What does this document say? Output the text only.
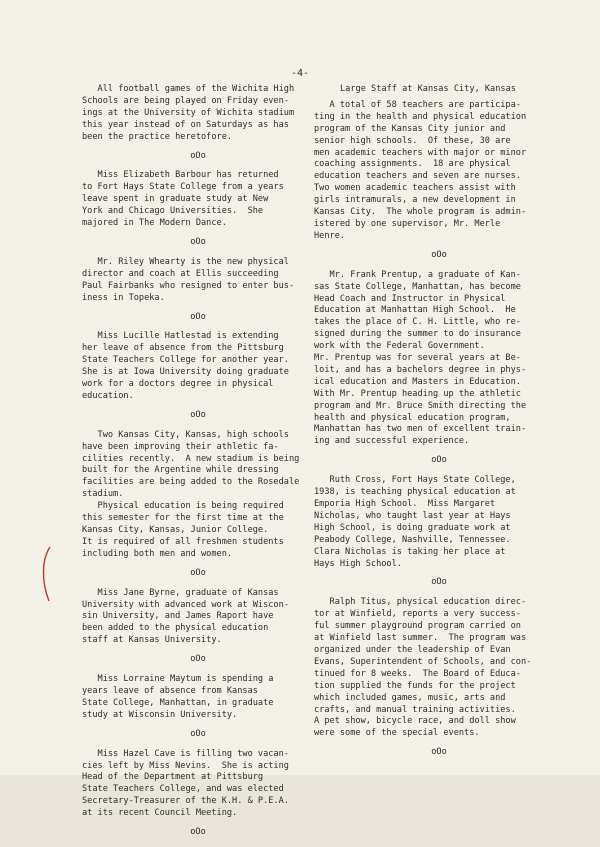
-4-
All football games of the Wichita High
Schools are being played on Friday even-
ings at the University of Wichita stadium
this year instead of on Saturdays as has
been the practice heretofore.
oOo
Miss Elizabeth Barbour has returned
to Fort Hays State College from a years
leave spent in graduate study at New
York and Chicago Universities.  She
majored in The Modern Dance.
oOo
Mr. Riley Whearty is the new physical
director and coach at Ellis succeeding
Paul Fairbanks who resigned to enter bus-
iness in Topeka.
oOo
Miss Lucille Hatlestad is extending
her leave of absence from the Pittsburg
State Teachers College for another year.
She is at Iowa University doing graduate
work for a doctors degree in physical
education.
oOo
Two Kansas City, Kansas, high schools
have been improving their athletic fa-
cilities recently.  A new stadium is being
built for the Argentine while dressing
facilities are being added to the Rosedale
stadium.
Physical education is being required
this semester for the first time at the
Kansas City, Kansas, Junior College.
It is required of all freshmen students
including both men and women.
oOo
Miss Jane Byrne, graduate of Kansas
University with advanced work at Wiscon-
sin University, and James Raport have
been added to the physical education
staff at Kansas University.
oOo
Miss Lorraine Maytum is spending a
years leave of absence from Kansas
State College, Manhattan, in graduate
study at Wisconsin University.
oOo
Miss Hazel Cave is filling two vacan-
cies left by Miss Nevins.  She is acting
Head of the Department at Pittsburg
State Teachers College, and was elected
Secretary-Treasurer of the K.H. & P.E.A.
at its recent Council Meeting.
oOo
Large Staff at Kansas City, Kansas
A total of 58 teachers are participa-
ting in the health and physical education
program of the Kansas City junior and
senior high schools.  Of these, 30 are
men academic teachers with major or minor
coaching assignments.  18 are physical
education teachers and seven are nurses.
Two women academic teachers assist with
girls intramurals, a new development in
Kansas City.  The whole program is admin-
istered by one supervisor, Mr. Merle
Henre.
oOo
Mr. Frank Prentup, a graduate of Kan-
sas State College, Manhattan, has become
Head Coach and Instructor in Physical
Education at Manhattan High School.  He
takes the place of C. H. Little, who re-
signed during the summer to do insurance
work with the Federal Government.
Mr. Prentup was for several years at Be-
loit, and has a bachelors degree in phys-
ical education and Masters in Education.
With Mr. Prentup heading up the athletic
program and Mr. Bruce Smith directing the
health and physical education program,
Manhattan has two men of excellent train-
ing and successful experience.
oOo
Ruth Cross, Fort Hays State College,
1938, is teaching physical education at
Emporia High School.  Miss Margaret
Nicholas, who taught last year at Hays
High School, is doing graduate work at
Peabody College, Nashville, Tennessee.
Clara Nicholas is taking her place at
Hays High School.
oOo
Ralph Titus, physical education direc-
tor at Winfield, reports a very success-
ful summer playground program carried on
at Winfield last summer.  The program was
organized under the leadership of Evan
Evans, Superintendent of Schools, and con-
tinued for 8 weeks.  The Board of Educa-
tion supplied the funds for the project
which included games, music, arts and
crafts, and manual training activities.
A pet show, bicycle race, and doll show
were some of the special events.
oOo
